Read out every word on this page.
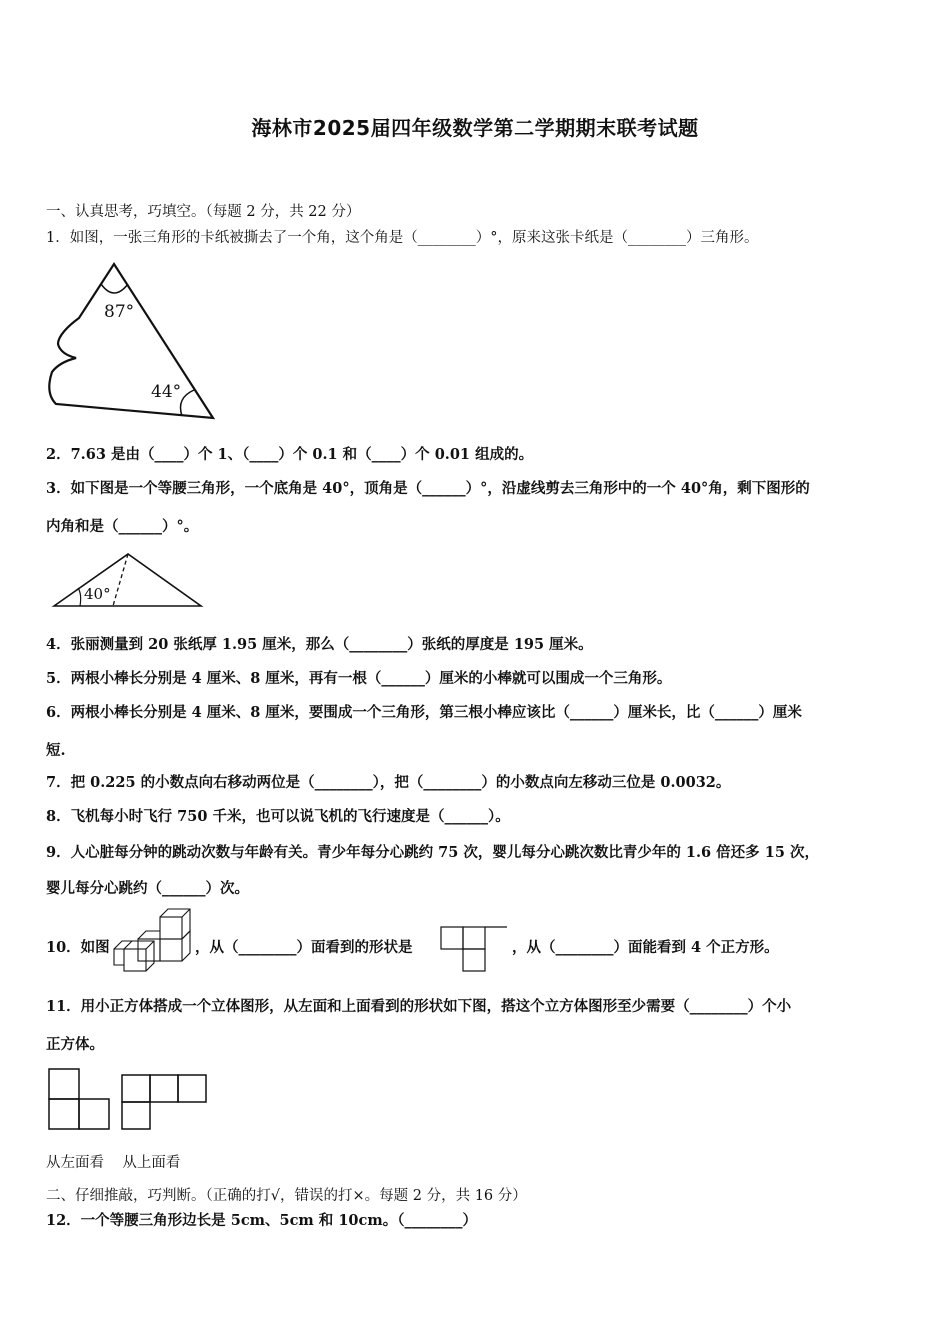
海林市2025届四年级数学第二学期期末联考试题
一、认真思考，巧填空。（每题 2 分，共 22 分）
1．如图，一张三角形的卡纸被撕去了一个角，这个角是（________）°，原来这张卡纸是（________）三角形。
87°
44°
2．7.63 是由（____）个 1、（____）个 0.1 和（____）个 0.01 组成的。
3．如下图是一个等腰三角形，一个底角是 40°，顶角是（______）°，沿虚线剪去三角形中的一个 40°角，剩下图形的
内角和是（______）°。
40°
4．张丽测量到 20 张纸厚 1.95 厘米，那么（________）张纸的厚度是 195 厘米。
5．两根小棒长分别是 4 厘米、8 厘米，再有一根（______）厘米的小棒就可以围成一个三角形。
6．两根小棒长分别是 4 厘米、8 厘米，要围成一个三角形，第三根小棒应该比（______）厘米长，比（______）厘米
短.
7．把 0.225 的小数点向右移动两位是（________），把（________）的小数点向左移动三位是 0.0032。
8．飞机每小时飞行 750 千米，也可以说飞机的飞行速度是（______）。
9．人心脏每分钟的跳动次数与年龄有关。青少年每分心跳约 75 次，婴儿每分心跳次数比青少年的 1.6 倍还多 15 次，
婴儿每分心跳约（______）次。
10．如图	，从（________）面看到的形状是	，从（________）面能看到 4 个正方形。
11．用小正方体搭成一个立体图形，从左面和上面看到的形状如下图，搭这个立方体图形至少需要（________）个小
正方体。
从左面看    从上面看
二、仔细推敲，巧判断。（正确的打√，错误的打×。每题 2 分，共 16 分）
12．一个等腰三角形边长是 5cm、5cm 和 10cm。（________）
